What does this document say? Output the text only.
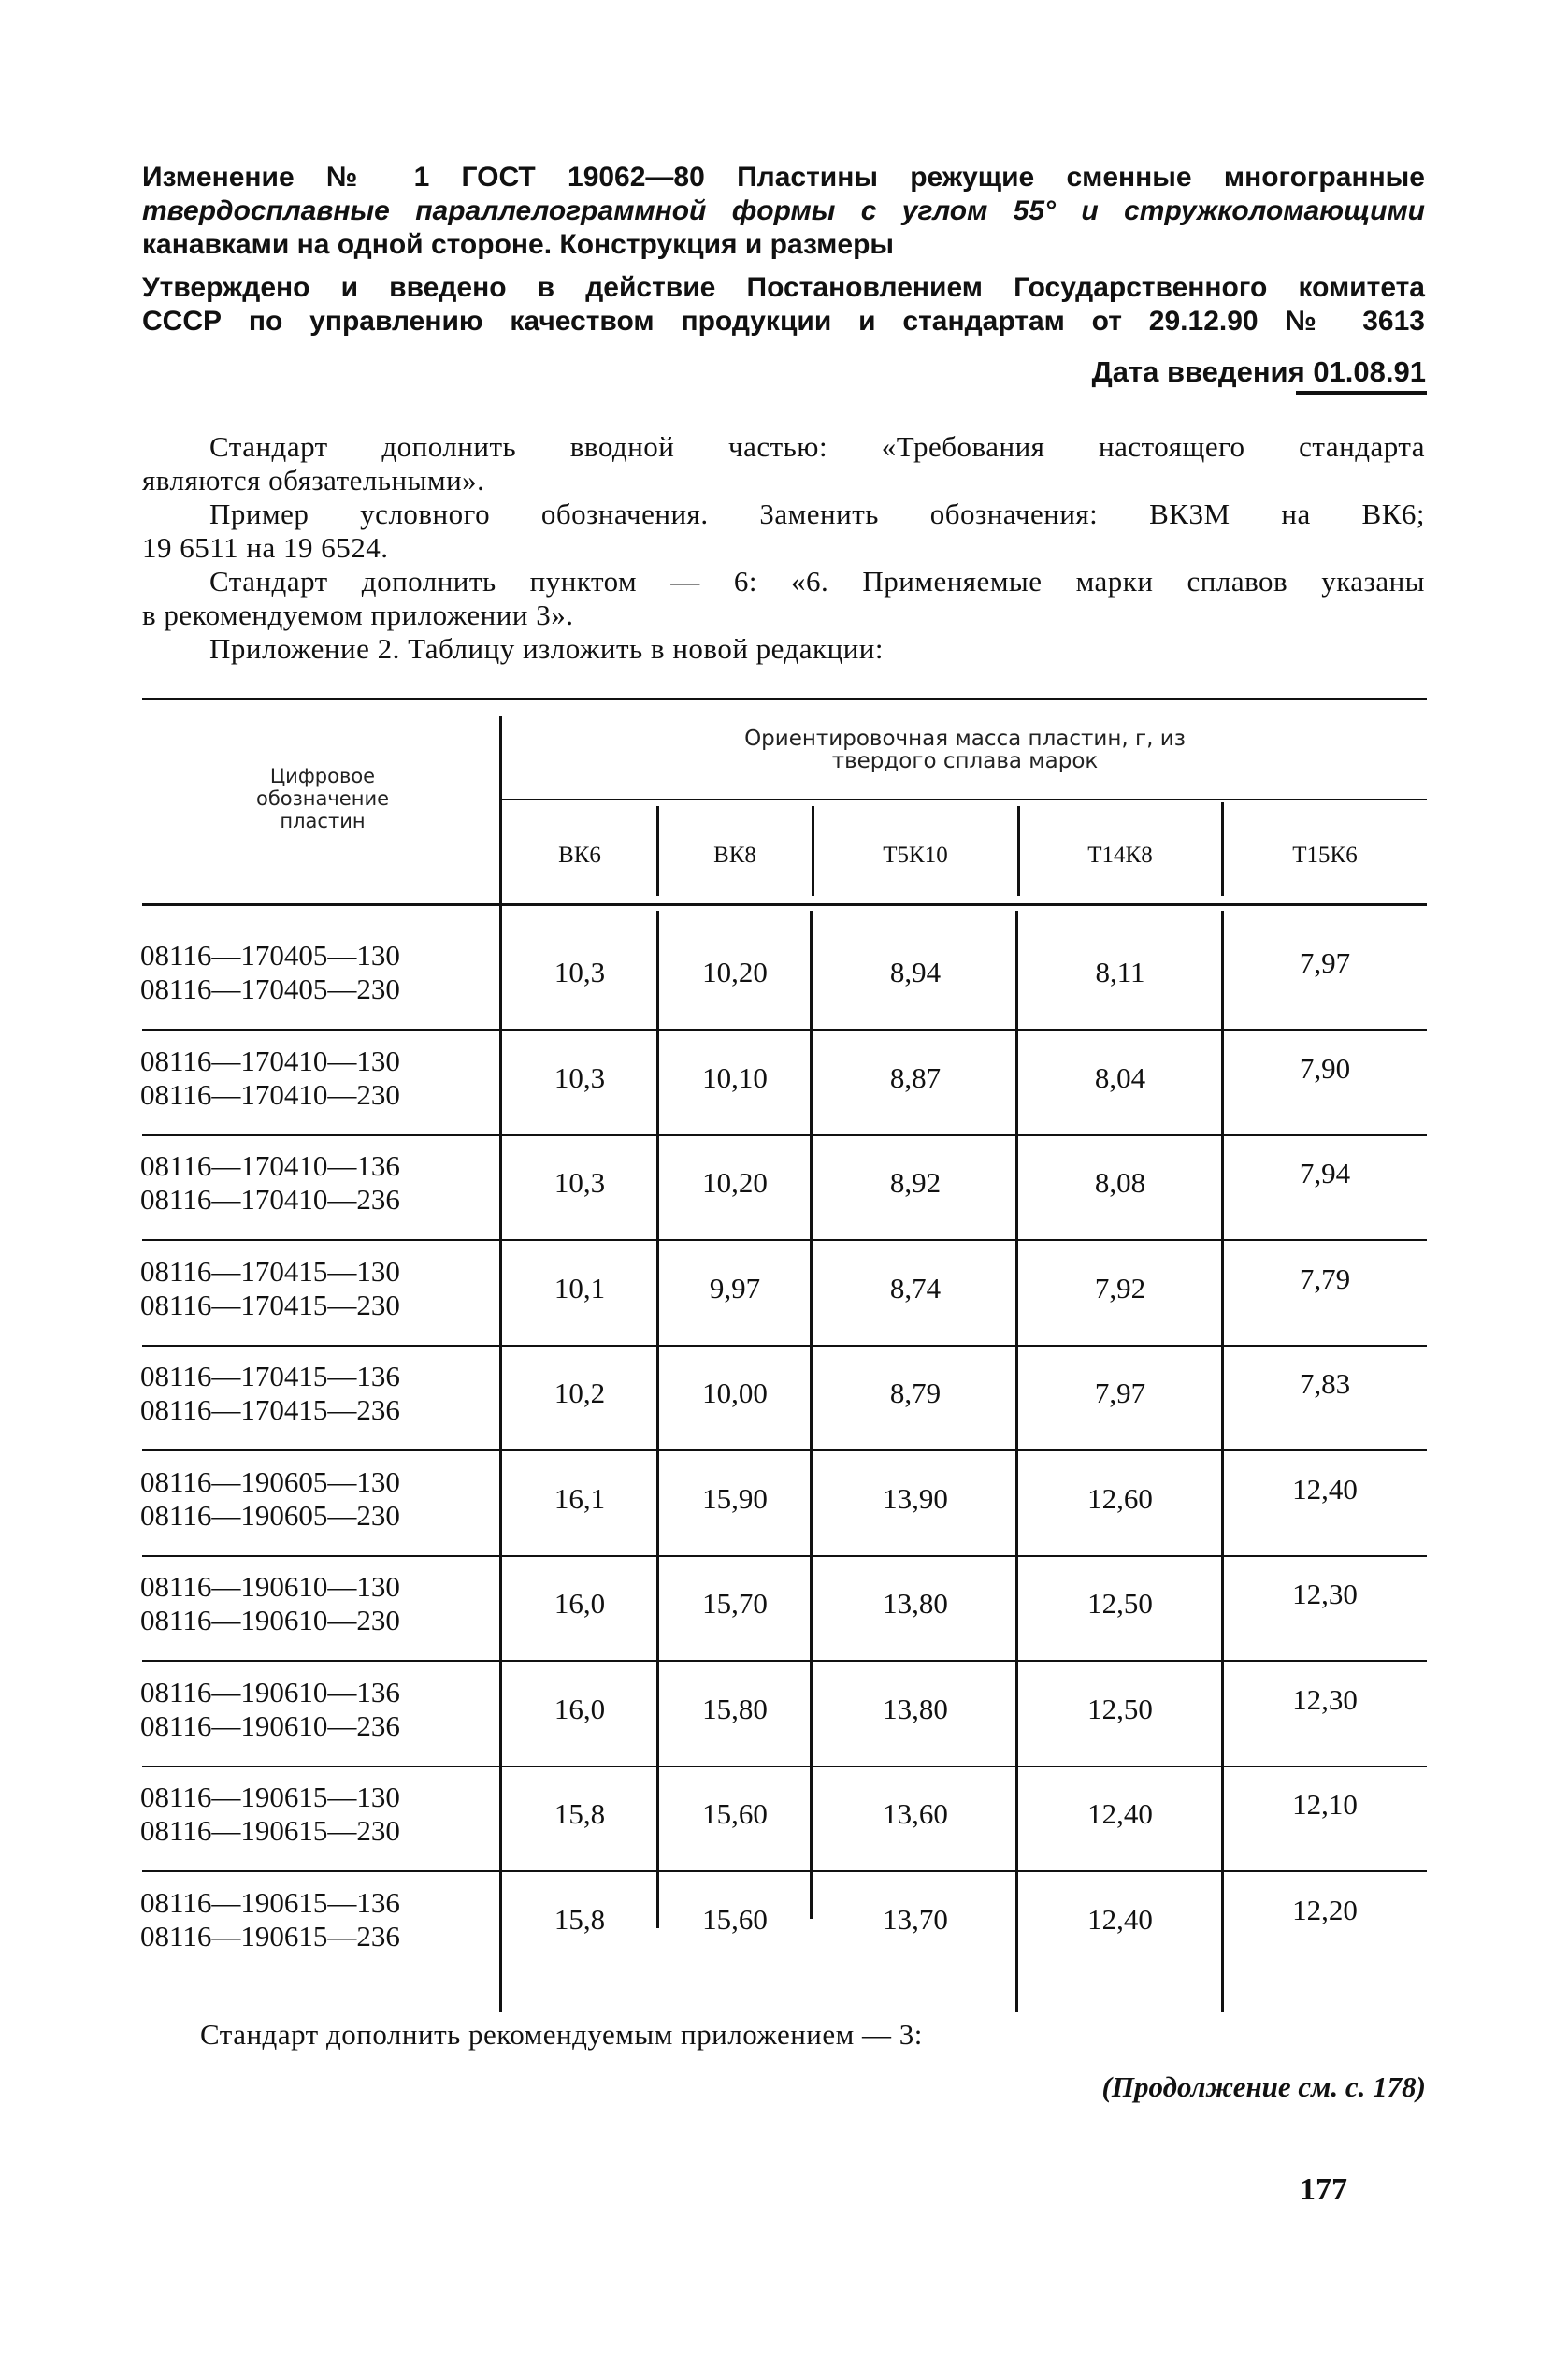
Изменение № 1 ГОСТ 19062—80 Пластины режущие сменные многогранные
твердосплавные параллелограммной формы с углом 55° и стружколомающими
канавками на одной стороне. Конструкция и размеры
Утверждено и введено в действие Постановлением Государственного комитета
СССР по управлению качеством продукции и стандартам от 29.12.90 № 3613
Дата введения 01.08.91
Стандарт дополнить вводной частью: «Требования настоящего стандарта
являются обязательными».
Пример условного обозначения. Заменить обозначения: ВК3М на ВК6;
19 6511 на 19 6524.
Стандарт дополнить пунктом — 6: «6. Применяемые марки сплавов указаны
в рекомендуемом приложении 3».
Приложение 2. Таблицу изложить в новой редакции:
Цифровое
обозначение
пластин
Ориентировочная масса пластин, г, из
твердого сплава марок
ВК6	ВК8	Т5К10	Т14К8	Т15К6
08116—170405—130
08116—170405—230
10,3	10,20	8,94	8,11	7,97
08116—170410—130
08116—170410—230
10,3	10,10	8,87	8,04	7,90
08116—170410—136
08116—170410—236
10,3	10,20	8,92	8,08	7,94
08116—170415—130
08116—170415—230
10,1	9,97	8,74	7,92	7,79
08116—170415—136
08116—170415—236
10,2	10,00	8,79	7,97	7,83
08116—190605—130
08116—190605—230
16,1	15,90	13,90	12,60	12,40
08116—190610—130
08116—190610—230
16,0	15,70	13,80	12,50	12,30
08116—190610—136
08116—190610—236
16,0	15,80	13,80	12,50	12,30
08116—190615—130
08116—190615—230
15,8	15,60	13,60	12,40	12,10
08116—190615—136
08116—190615—236
15,8	15,60	13,70	12,40	12,20
Стандарт дополнить рекомендуемым приложением — 3:
(Продолжение см. с. 178)
177
